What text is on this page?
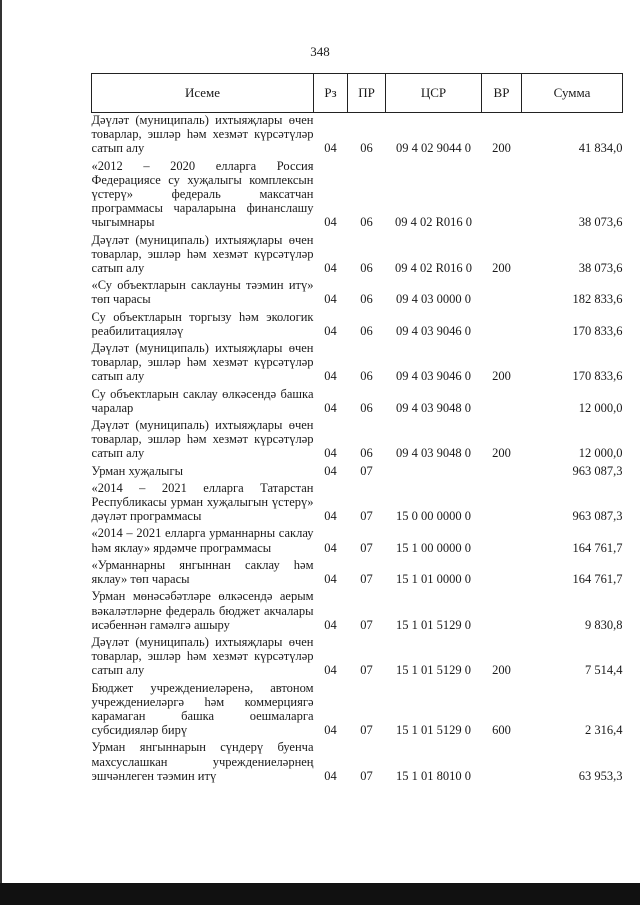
348
Исеме	Рз	ПР	ЦСР	ВР	Сумма
Дәүләт (муниципаль) ихтыяҗлары өчен товарлар, эшләр һәм хезмәт күрсәтүләр сатып алу	04	06	09 4 02 9044 0	200	41 834,0
«2012 – 2020 елларга Россия Федерациясе су хуҗалыгы комплексын үстерү» федераль максатчан программасы чараларына финанслашу чыгымнары	04	06	09 4 02 R016 0		38 073,6
Дәүләт (муниципаль) ихтыяҗлары өчен товарлар, эшләр һәм хезмәт күрсәтүләр сатып алу	04	06	09 4 02 R016 0	200	38 073,6
«Су объектларын саклауны тәэмин итү» төп чарасы	04	06	09 4 03 0000 0		182 833,6
Су объектларын торгызу һәм экологик реабилитацияләү	04	06	09 4 03 9046 0		170 833,6
Дәүләт (муниципаль) ихтыяҗлары өчен товарлар, эшләр һәм хезмәт күрсәтүләр сатып алу	04	06	09 4 03 9046 0	200	170 833,6
Су объектларын саклау өлкәсендә башка чаралар	04	06	09 4 03 9048 0		12 000,0
Дәүләт (муниципаль) ихтыяҗлары өчен товарлар, эшләр һәм хезмәт күрсәтүләр сатып алу	04	06	09 4 03 9048 0	200	12 000,0
Урман хуҗалыгы	04	07			963 087,3
«2014 – 2021 елларга Татарстан Республикасы урман хуҗалыгын үстерү» дәүләт программасы	04	07	15 0 00 0000 0		963 087,3
«2014 – 2021 елларга урманнарны саклау һәм яклау» ярдәмче программасы	04	07	15 1 00 0000 0		164 761,7
«Урманнарны янгыннан саклау һәм яклау» төп чарасы	04	07	15 1 01 0000 0		164 761,7
Урман мөнәсәбәтләре өлкәсендә аерым вәкаләтләрне федераль бюджет акчалары исәбеннән гамәлгә ашыру	04	07	15 1 01 5129 0		9 830,8
Дәүләт (муниципаль) ихтыяҗлары өчен товарлар, эшләр һәм хезмәт күрсәтүләр сатып алу	04	07	15 1 01 5129 0	200	7 514,4
Бюджет учреждениеләренә, автоном учреждениеләргә һәм коммерциягә карамаган башка оешмаларга субсидияләр бирү	04	07	15 1 01 5129 0	600	2 316,4
Урман янгыннарын сүндерү буенча махсуслашкан учреждениеләрнең эшчәнлеген тәэмин итү	04	07	15 1 01 8010 0		63 953,3
